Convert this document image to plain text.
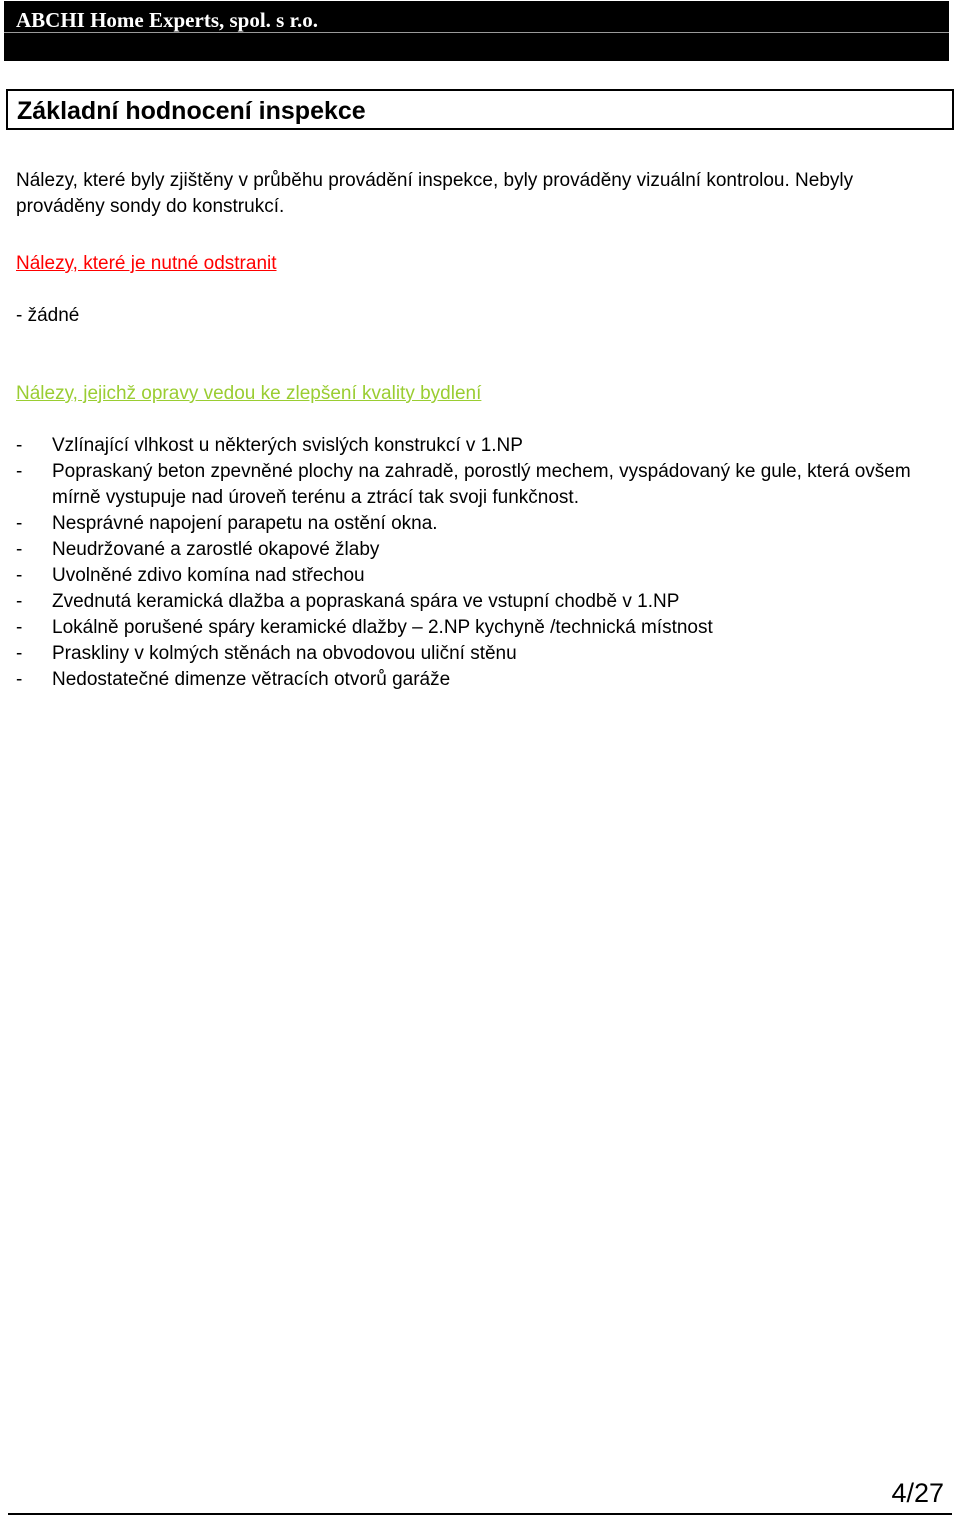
ABCHI Home Experts, spol. s r.o.
Základní hodnocení inspekce
Nálezy, které byly zjištěny v průběhu provádění inspekce, byly prováděny vizuální kontrolou. Nebyly prováděny sondy do konstrukcí.
Nálezy, které je nutné odstranit
- žádné
Nálezy, jejichž opravy vedou ke zlepšení kvality bydlení
- Vzlínající vlhkost u některých svislých konstrukcí v 1.NP
- Popraskaný beton zpevněné plochy na zahradě, porostlý mechem, vyspádovaný ke gule, která ovšem mírně vystupuje nad úroveň terénu a ztrácí tak svoji funkčnost.
- Nesprávné napojení parapetu na ostění okna.
- Neudržované a zarostlé okapové žlaby
- Uvolněné zdivo komína nad střechou
- Zvednutá keramická dlažba a popraskaná spára ve vstupní chodbě v 1.NP
- Lokálně porušené spáry keramické dlažby – 2.NP kychyně /technická místnost
- Praskliny v kolmých stěnách na obvodovou uliční stěnu
- Nedostatečné dimenze větracích otvorů garáže
4/27
